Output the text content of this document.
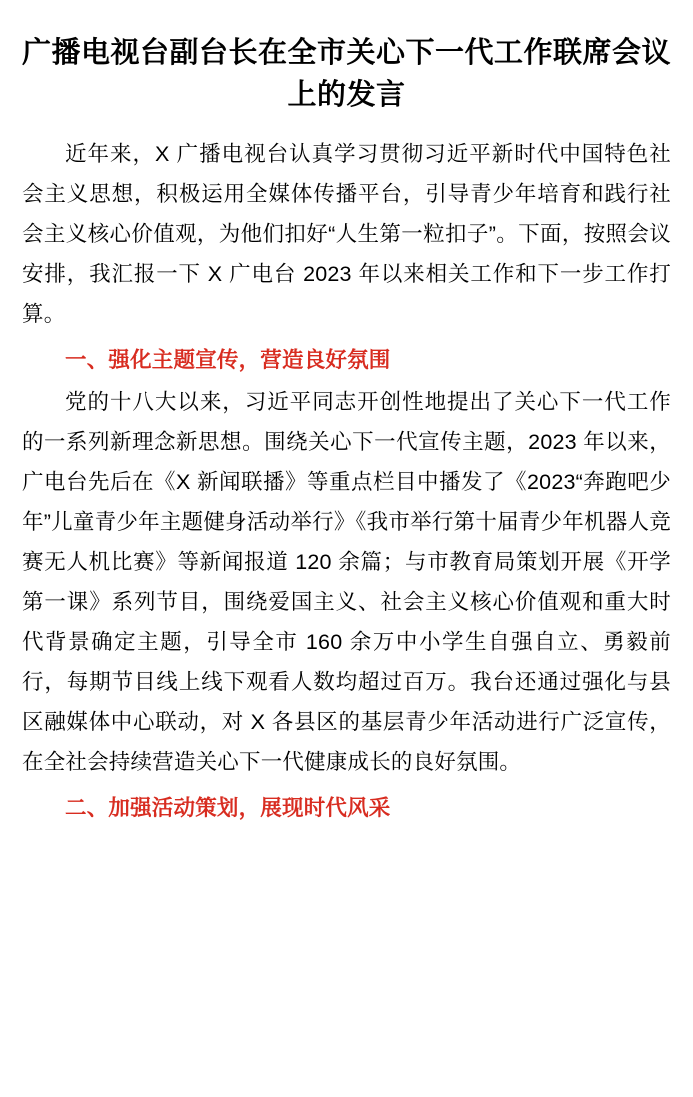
广播电视台副台长在全市关心下一代工作联席会议上的发言

近年来，X 广播电视台认真学习贯彻习近平新时代中国特色社会主义思想，积极运用全媒体传播平台，引导青少年培育和践行社会主义核心价值观，为他们扣好“人生第一粒扣子”。下面，按照会议安排，我汇报一下 X 广电台 2023 年以来相关工作和下一步工作打算。

一、强化主题宣传，营造良好氛围

党的十八大以来，习近平同志开创性地提出了关心下一代工作的一系列新理念新思想。围绕关心下一代宣传主题，2023 年以来，广电台先后在《X 新闻联播》等重点栏目中播发了《2023“奔跑吧少年”儿童青少年主题健身活动举行》《我市举行第十届青少年机器人竞赛无人机比赛》等新闻报道 120 余篇；与市教育局策划开展《开学第一课》系列节目，围绕爱国主义、社会主义核心价值观和重大时代背景确定主题，引导全市 160 余万中小学生自强自立、勇毅前行，每期节目线上线下观看人数均超过百万。我台还通过强化与县区融媒体中心联动，对 X 各县区的基层青少年活动进行广泛宣传，在全社会持续营造关心下一代健康成长的良好氛围。

二、加强活动策划，展现时代风采
